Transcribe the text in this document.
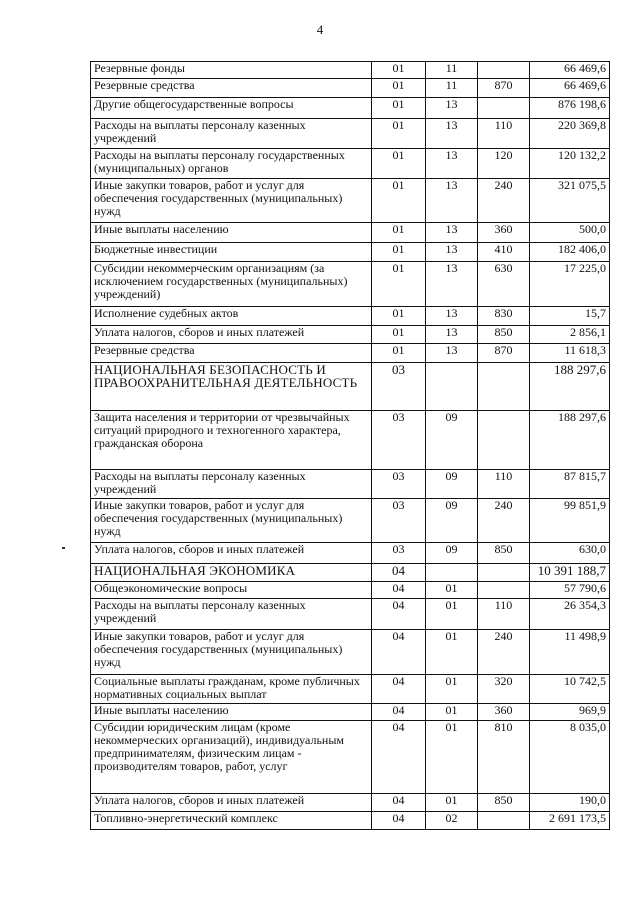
4
Резервные фонды	01	11		66 469,6
Резервные средства	01	11	870	66 469,6
Другие общегосударственные вопросы	01	13		876 198,6
Расходы на выплаты персоналу казенных учреждений	01	13	110	220 369,8
Расходы на выплаты персоналу государственных (муниципальных) органов	01	13	120	120 132,2
Иные закупки товаров, работ и услуг для обеспечения государственных (муниципальных) нужд	01	13	240	321 075,5
Иные выплаты населению	01	13	360	500,0
Бюджетные инвестиции	01	13	410	182 406,0
Субсидии некоммерческим организациям (за исключением государственных (муниципальных) учреждений)	01	13	630	17 225,0
Исполнение судебных актов	01	13	830	15,7
Уплата налогов, сборов и иных платежей	01	13	850	2 856,1
Резервные средства	01	13	870	11 618,3
НАЦИОНАЛЬНАЯ БЕЗОПАСНОСТЬ И ПРАВООХРАНИТЕЛЬНАЯ ДЕЯТЕЛЬНОСТЬ	03			188 297,6
Защита населения и территории от чрезвычайных ситуаций природного и техногенного характера, гражданская оборона	03	09		188 297,6
Расходы на выплаты персоналу казенных учреждений	03	09	110	87 815,7
Иные закупки товаров, работ и услуг для обеспечения государственных (муниципальных) нужд	03	09	240	99 851,9
Уплата налогов, сборов и иных платежей	03	09	850	630,0
НАЦИОНАЛЬНАЯ ЭКОНОМИКА	04			10 391 188,7
Общеэкономические вопросы	04	01		57 790,6
Расходы на выплаты персоналу казенных учреждений	04	01	110	26 354,3
Иные закупки товаров, работ и услуг для обеспечения государственных (муниципальных) нужд	04	01	240	11 498,9
Социальные выплаты гражданам, кроме публичных нормативных социальных выплат	04	01	320	10 742,5
Иные выплаты населению	04	01	360	969,9
Субсидии юридическим лицам (кроме некоммерческих организаций), индивидуальным предпринимателям, физическим лицам - производителям товаров, работ, услуг	04	01	810	8 035,0
Уплата налогов, сборов и иных платежей	04	01	850	190,0
Топливно-энергетический комплекс	04	02		2 691 173,5
